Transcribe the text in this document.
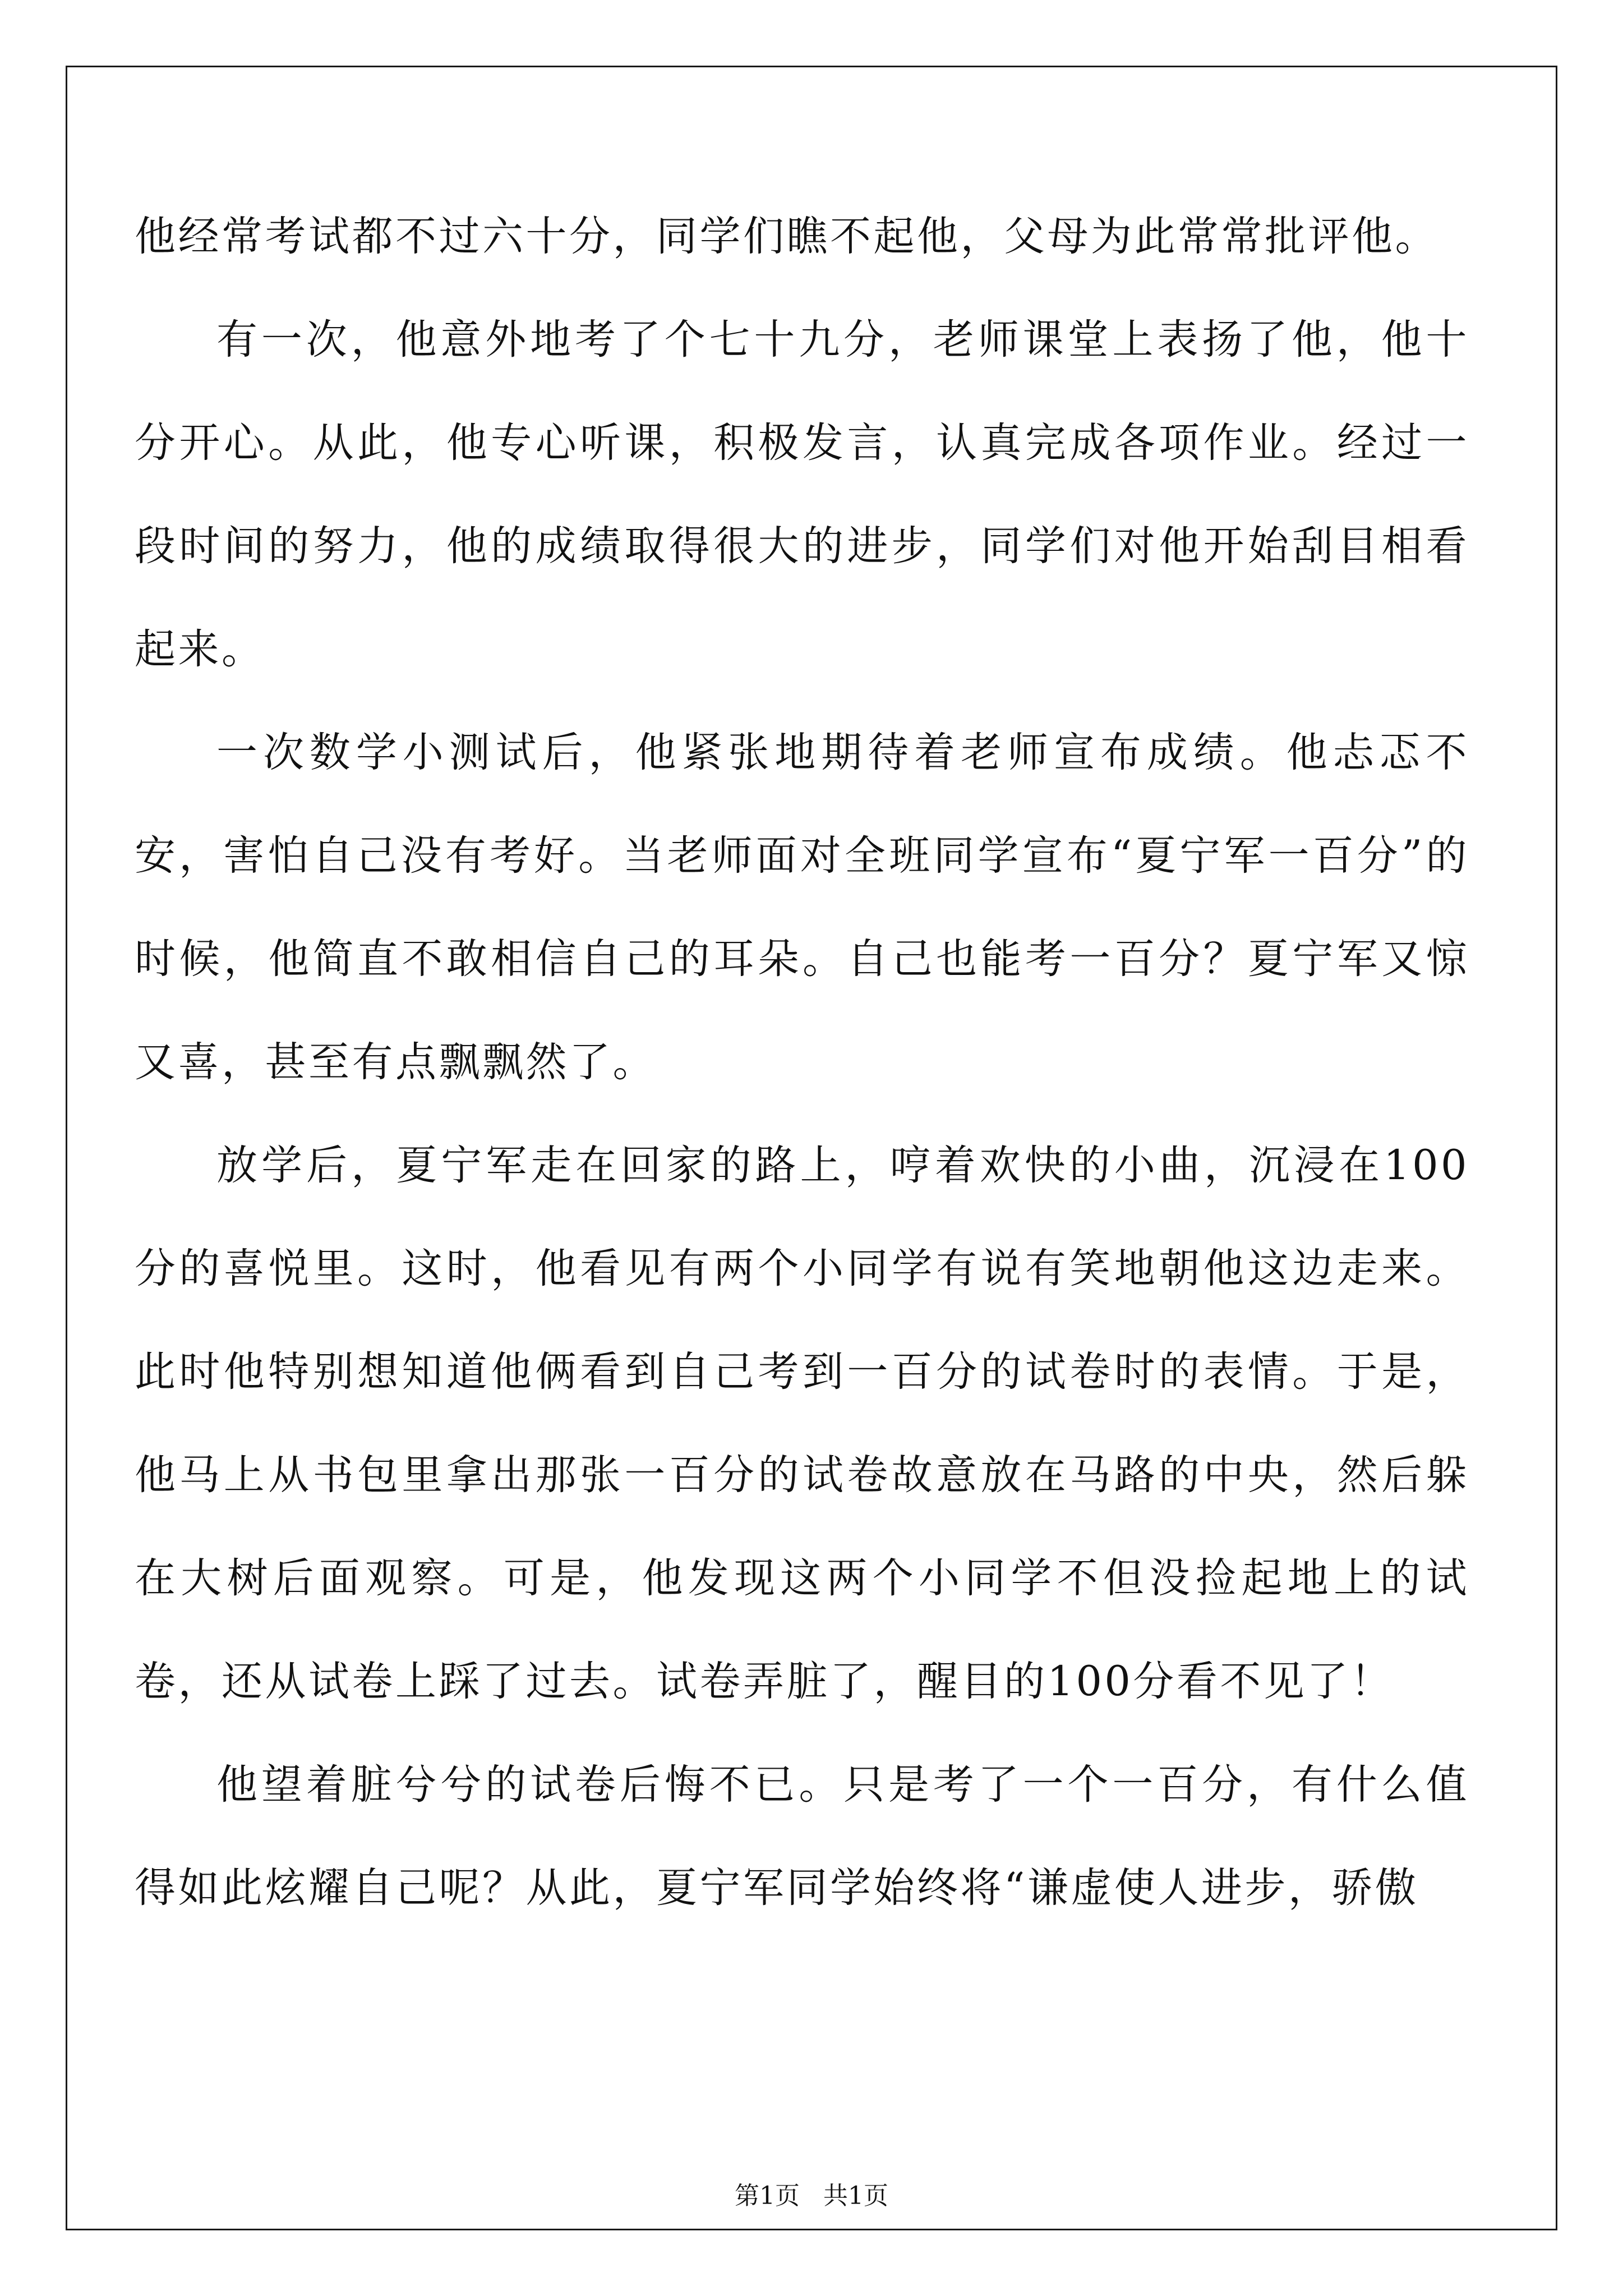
他经常考试都不过六十分，同学们瞧不起他，父母为此常常批评他。

有一次，他意外地考了个七十九分，老师课堂上表扬了他，他十分开心。从此，他专心听课，积极发言，认真完成各项作业。经过一段时间的努力，他的成绩取得很大的进步，同学们对他开始刮目相看起来。

一次数学小测试后，他紧张地期待着老师宣布成绩。他忐忑不安，害怕自己没有考好。当老师面对全班同学宣布“夏宁军一百分”的时候，他简直不敢相信自己的耳朵。自己也能考一百分？夏宁军又惊又喜，甚至有点飘飘然了。

放学后，夏宁军走在回家的路上，哼着欢快的小曲，沉浸在100分的喜悦里。这时，他看见有两个小同学有说有笑地朝他这边走来。此时他特别想知道他俩看到自己考到一百分的试卷时的表情。于是，他马上从书包里拿出那张一百分的试卷故意放在马路的中央，然后躲在大树后面观察。可是，他发现这两个小同学不但没捡起地上的试卷，还从试卷上踩了过去。试卷弄脏了，醒目的100分看不见了！

他望着脏兮兮的试卷后悔不已。只是考了一个一百分，有什么值得如此炫耀自己呢？从此，夏宁军同学始终将“谦虚使人进步，骄傲

第1页   共1页
